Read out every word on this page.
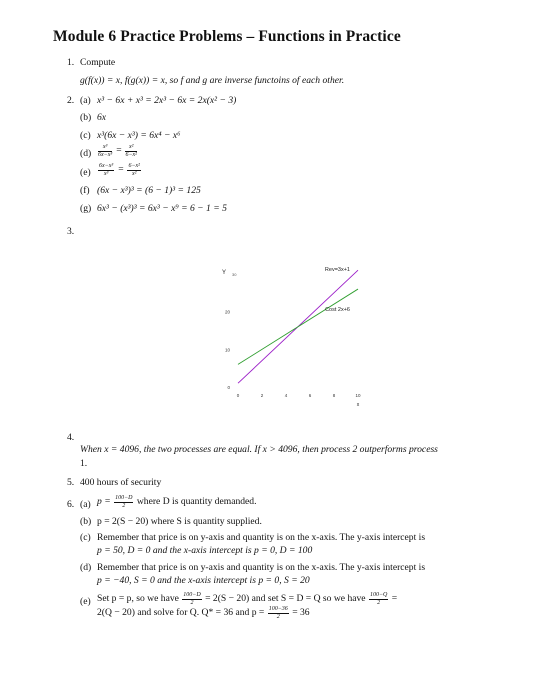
Module 6 Practice Problems – Functions in Practice
1. Compute
g(f(x)) = x, f(g(x)) = x, so f and g are inverse functoins of each other.
2. (a) x³ − 6x + x³ = 2x³ − 6x = 2x(x² − 3)
(b) 6x
(c) x³(6x − x³) = 6x⁴ − x⁶
$(d) \frac{\text{x³}}{\text{6x−x³}} = \frac{\text{x²}}{\text{6−x²}}$
$(e) \frac{\text{6x−x³}}{\text{x³}} = \frac{\text{6−x²}}{\text{x²}}$
(f) (6x − x³)³ = (6 − 1)³ = 125
(g) 6x³ − (x³)³ = 6x³ − x⁹ = 6 − 1 = 5
3.
Y
0
10
20
30
0	2	4	6	8	10
x
Rev=3x+1
Cost 2x+6
4.
When x = 4096, the two processes are equal. If x > 4096, then process 2 outperforms process
1.
5. 400 hours of security
6. (a) $p = \frac{100-D}{2}$ where D is quantity demanded.
(b) p = 2(S − 20) where S is quantity supplied.
(c) Remember that price is on y-axis and quantity is on the x-axis. The y-axis intercept is
p = 50, D = 0 and the x-axis intercept is p = 0, D = 100
(d) Remember that price is on y-axis and quantity is on the x-axis. The y-axis intercept is
p = −40, S = 0 and the x-axis intercept is p = 0, S = 20
(e) Set p = p, so we have $\frac{100-D}{2} = 2(S - 20)$ and set S = D = Q so we have $\frac{100-Q}{2}$ =
2(Q − 20) and solve for Q. Q* = 36 and $p = \frac{100-36}{2} = 36$
